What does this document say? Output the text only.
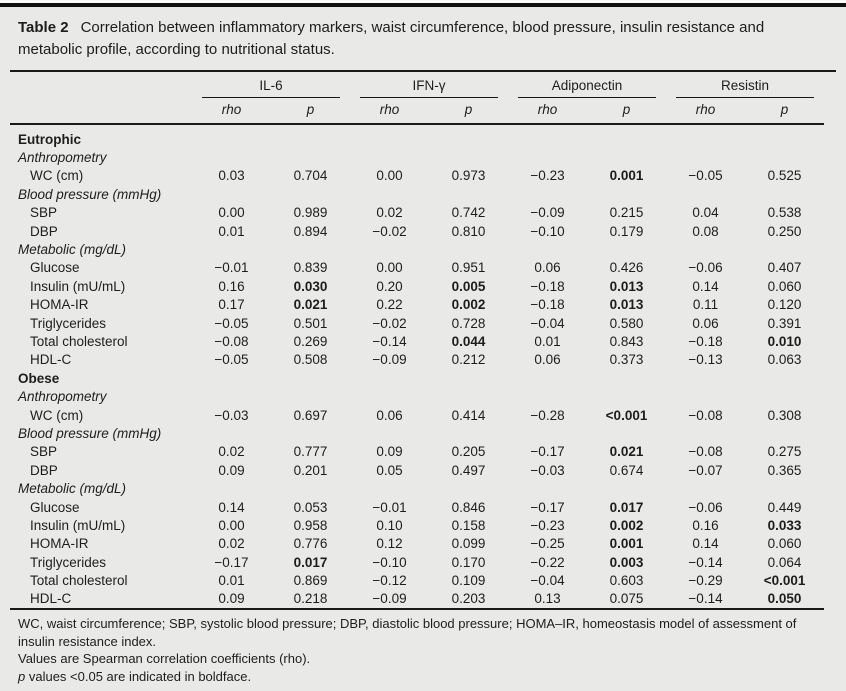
Table 2 Correlation between inflammatory markers, waist circumference, blood pressure, insulin resistance and metabolic profile, according to nutritional status.

	IL-6		IFN-γ		Adiponectin		Resistin	

	rho	p	rho	p	rho	p	rho	p
Eutrophic								
Anthropometry								
WC (cm)	0.03	0.704	0.00	0.973	−0.23	0.001	−0.05	0.525
Blood pressure (mmHg)								
SBP	0.00	0.989	0.02	0.742	−0.09	0.215	0.04	0.538
DBP	0.01	0.894	−0.02	0.810	−0.10	0.179	0.08	0.250
Metabolic (mg/dL)								
Glucose	−0.01	0.839	0.00	0.951	0.06	0.426	−0.06	0.407
Insulin (mU/mL)	0.16	0.030	0.20	0.005	−0.18	0.013	0.14	0.060
HOMA-IR	0.17	0.021	0.22	0.002	−0.18	0.013	0.11	0.120
Triglycerides	−0.05	0.501	−0.02	0.728	−0.04	0.580	0.06	0.391
Total cholesterol	−0.08	0.269	−0.14	0.044	0.01	0.843	−0.18	0.010
HDL-C	−0.05	0.508	−0.09	0.212	0.06	0.373	−0.13	0.063
Obese								
Anthropometry								
WC (cm)	−0.03	0.697	0.06	0.414	−0.28	<0.001	−0.08	0.308
Blood pressure (mmHg)								
SBP	0.02	0.777	0.09	0.205	−0.17	0.021	−0.08	0.275
DBP	0.09	0.201	0.05	0.497	−0.03	0.674	−0.07	0.365
Metabolic (mg/dL)								
Glucose	0.14	0.053	−0.01	0.846	−0.17	0.017	−0.06	0.449
Insulin (mU/mL)	0.00	0.958	0.10	0.158	−0.23	0.002	0.16	0.033
HOMA-IR	0.02	0.776	0.12	0.099	−0.25	0.001	0.14	0.060
Triglycerides	−0.17	0.017	−0.10	0.170	−0.22	0.003	−0.14	0.064
Total cholesterol	0.01	0.869	−0.12	0.109	−0.04	0.603	−0.29	<0.001
HDL-C	0.09	0.218	−0.09	0.203	0.13	0.075	−0.14	0.050
WC, waist circumference; SBP, systolic blood pressure; DBP, diastolic blood pressure; HOMA–IR, homeostasis model of assessment of insulin resistance index.
Values are Spearman correlation coefficients (rho).
p values <0.05 are indicated in boldface.
